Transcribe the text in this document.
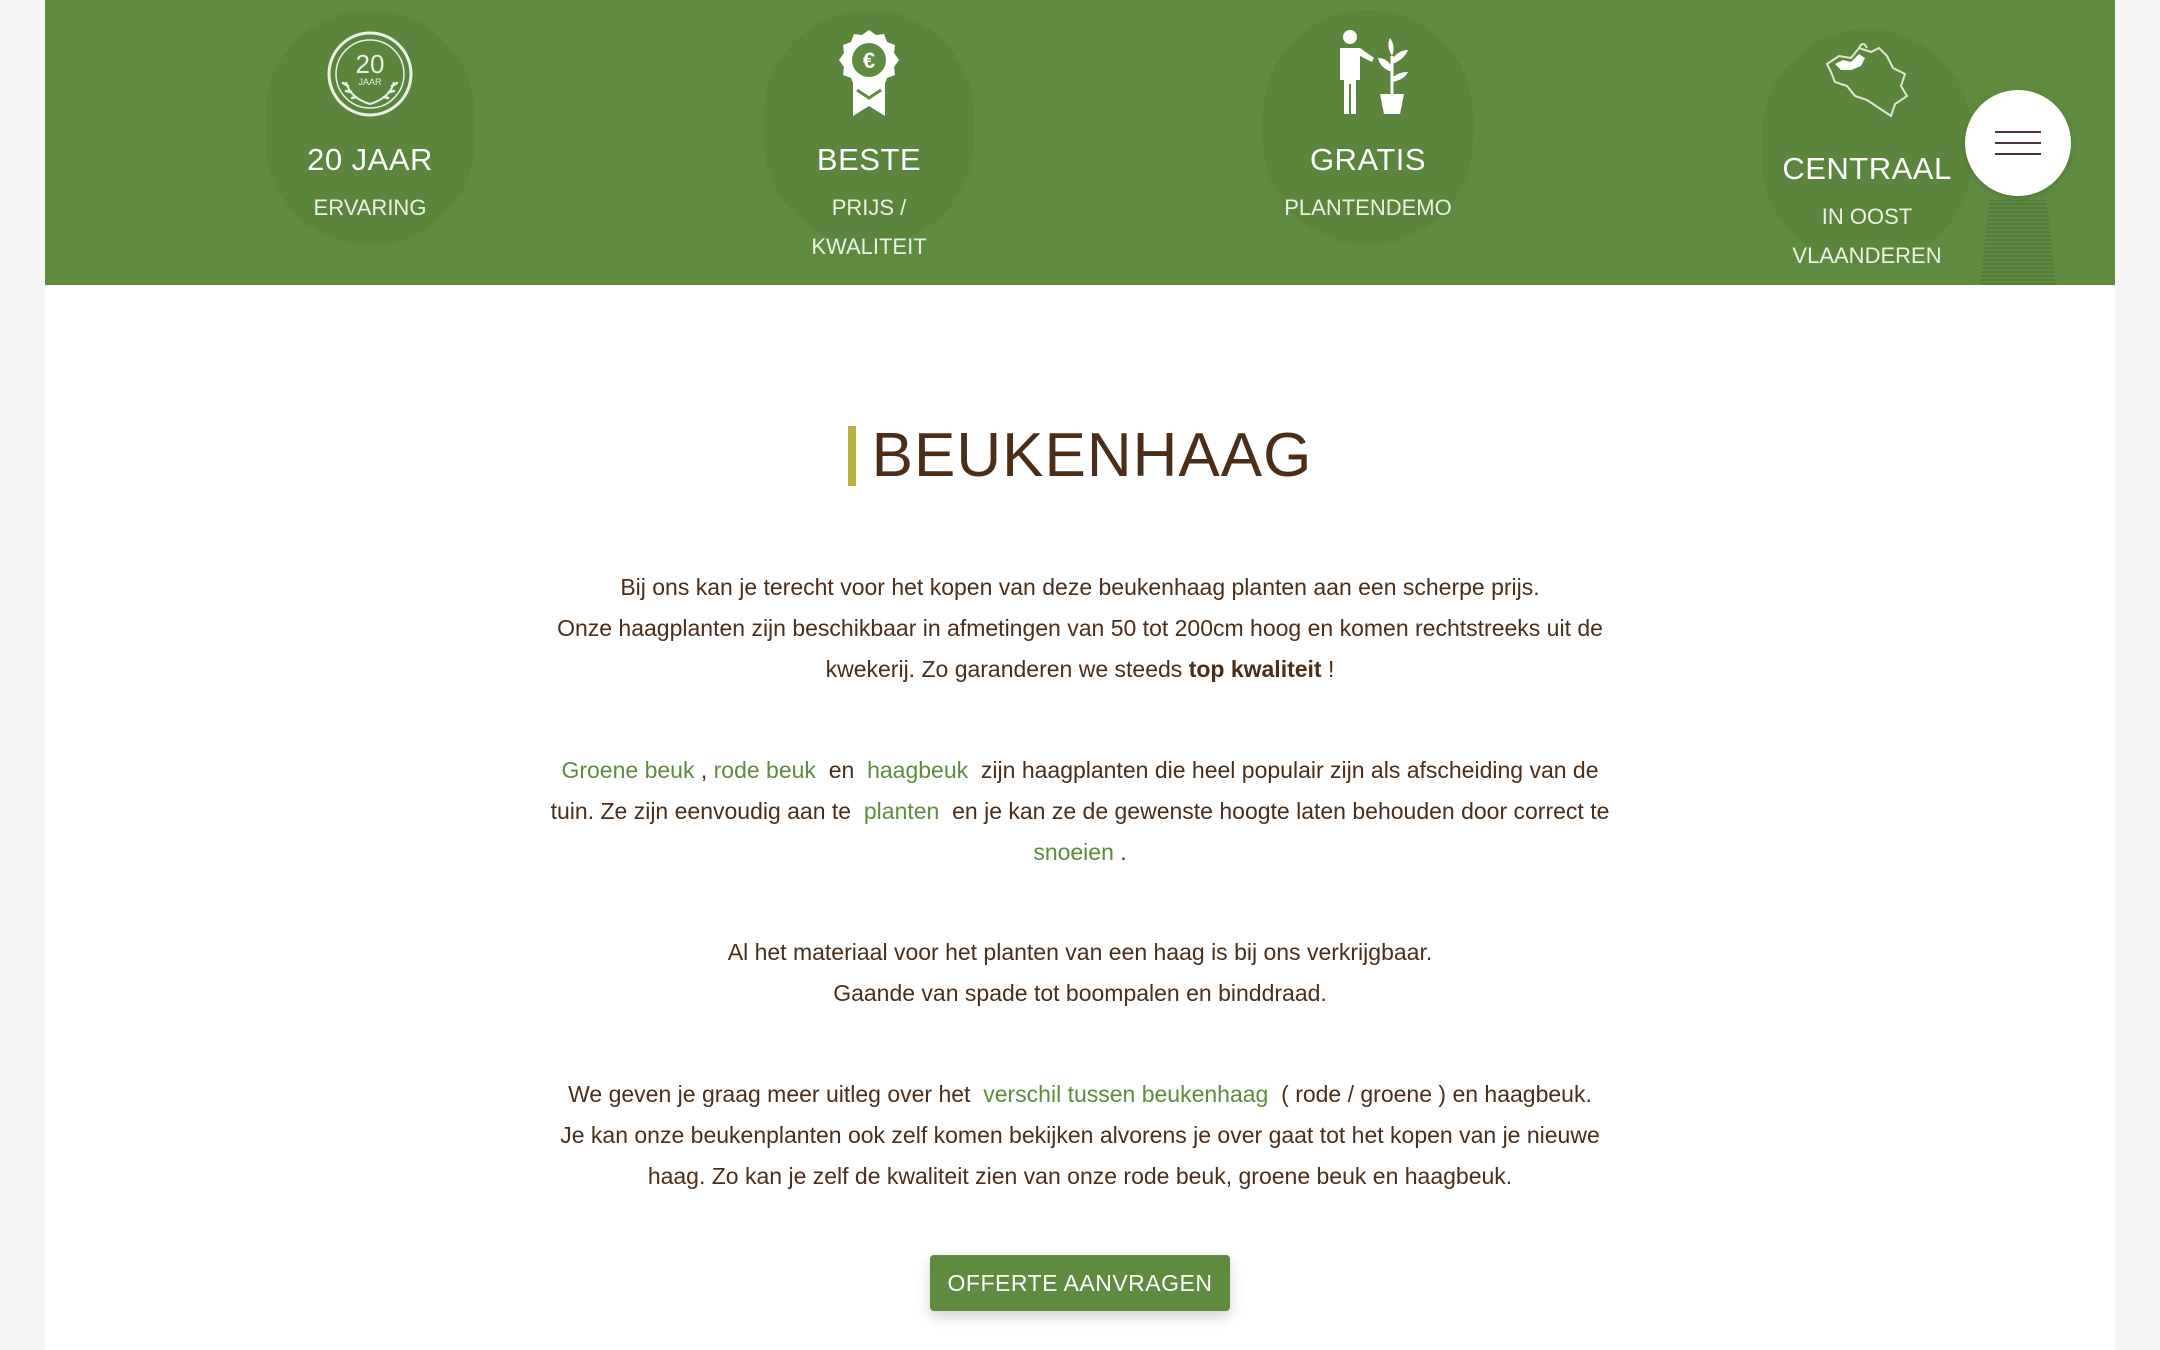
20
JAAR
20 JAAR
ERVARING
€
BESTE
PRIJS /
KWALITEIT
GRATIS
PLANTENDEMO
CENTRAAL
IN OOST
VLAANDEREN
BEUKENHAAG
Bij ons kan je terecht voor het kopen van deze beukenhaag planten aan een scherpe prijs.
Onze haagplanten zijn beschikbaar in afmetingen van 50 tot 200cm hoog en komen rechtstreeks uit de kwekerij. Zo garanderen we steeds top kwaliteit !
Groene beuk , rode beuk  en  haagbeuk  zijn haagplanten die heel populair zijn als afscheiding van de tuin. Ze zijn eenvoudig aan te  planten  en je kan ze de gewenste hoogte laten behouden door correct te  snoeien .
Al het materiaal voor het planten van een haag is bij ons verkrijgbaar.
Gaande van spade tot boompalen en binddraad.
We geven je graag meer uitleg over het  verschil tussen beukenhaag  ( rode / groene ) en haagbeuk.
Je kan onze beukenplanten ook zelf komen bekijken alvorens je over gaat tot het kopen van je nieuwe haag. Zo kan je zelf de kwaliteit zien van onze rode beuk, groene beuk en haagbeuk.
OFFERTE AANVRAGEN
